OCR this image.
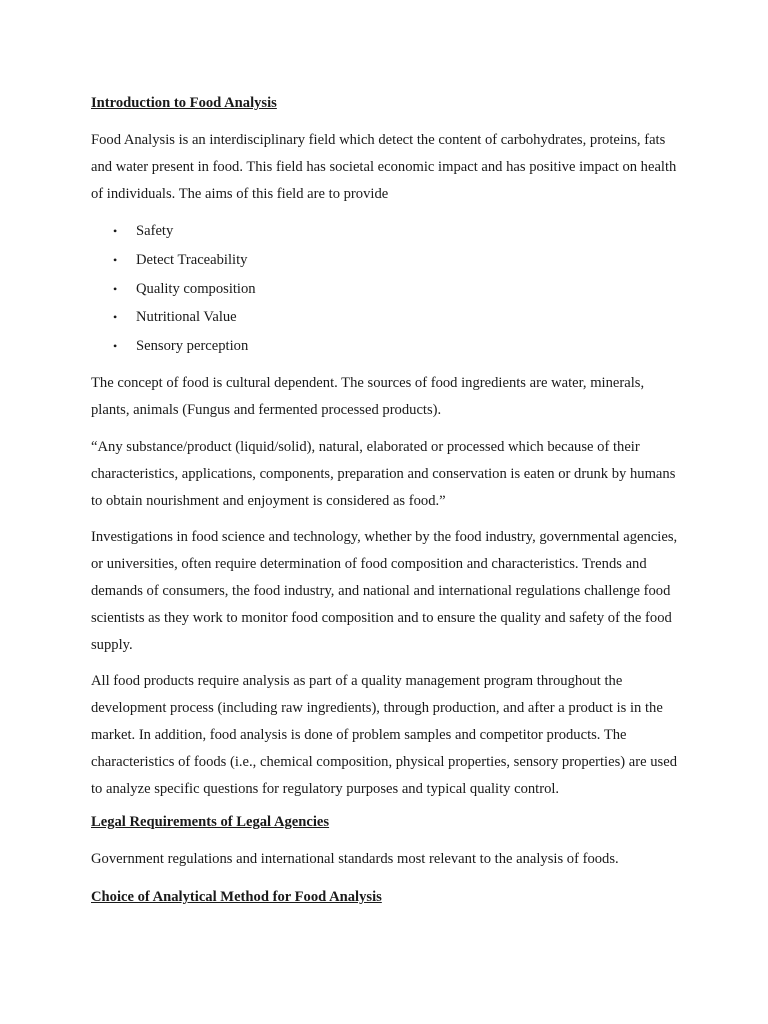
Introduction to Food Analysis

Food Analysis is an interdisciplinary field which detect the content of carbohydrates, proteins, fats and water present in food. This field has societal economic impact and has positive impact on health of individuals. The aims of this field are to provide

• Safety
• Detect Traceability
• Quality composition
• Nutritional Value
• Sensory perception

The concept of food is cultural dependent. The sources of food ingredients are water, minerals, plants, animals (Fungus and fermented processed products).

“Any substance/product (liquid/solid), natural, elaborated or processed which because of their characteristics, applications, components, preparation and conservation is eaten or drunk by humans to obtain nourishment and enjoyment is considered as food.”

Investigations in food science and technology, whether by the food industry, governmental agencies, or universities, often require determination of food composition and characteristics. Trends and demands of consumers, the food industry, and national and international regulations challenge food scientists as they work to monitor food composition and to ensure the quality and safety of the food supply.

All food products require analysis as part of a quality management program throughout the development process (including raw ingredients), through production, and after a product is in the market. In addition, food analysis is done of problem samples and competitor products. The characteristics of foods (i.e., chemical composition, physical properties, sensory properties) are used to analyze specific questions for regulatory purposes and typical quality control.

Legal Requirements of Legal Agencies

Government regulations and international standards most relevant to the analysis of foods.

Choice of Analytical Method for Food Analysis
